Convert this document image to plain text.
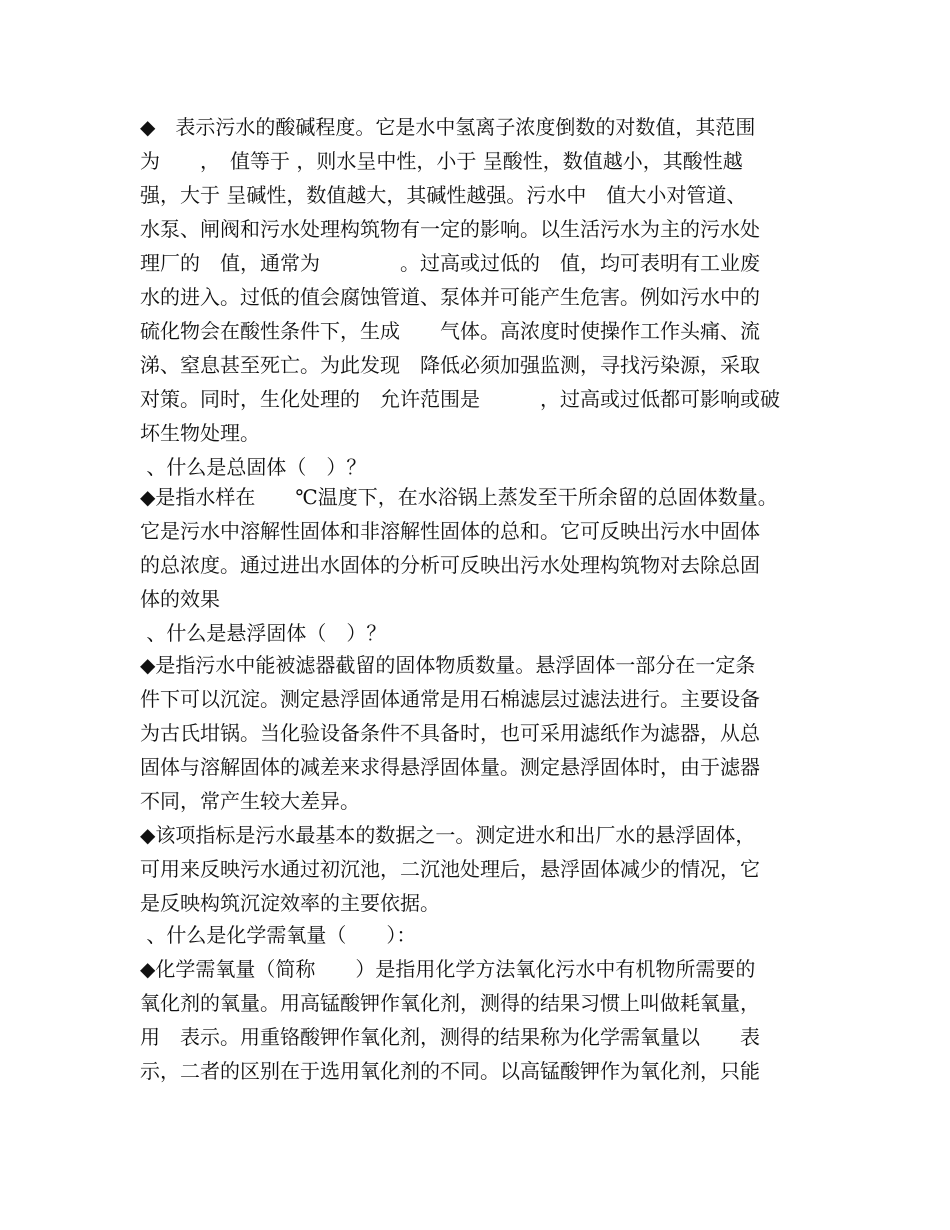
◆　表示污水的酸碱程度。它是水中氢离子浓度倒数的对数值，其范围
为　　，　值等于 ，则水呈中性，小于 呈酸性，数值越小，其酸性越
强，大于 呈碱性，数值越大，其碱性越强。污水中　值大小对管道、
水泵、闸阀和污水处理构筑物有一定的影响。以生活污水为主的污水处
理厂的　值，通常为　　　　。过高或过低的　值，均可表明有工业废
水的进入。过低的值会腐蚀管道、泵体并可能产生危害。例如污水中的
硫化物会在酸性条件下，生成　　气体。高浓度时使操作工作头痛、流
涕、窒息甚至死亡。为此发现　降低必须加强监测，寻找污染源，采取
对策。同时，生化处理的　允许范围是　　　，过高或过低都可影响或破
坏生物处理。
、什么是总固体（　）？
◆是指水样在　　℃温度下，在水浴锅上蒸发至干所余留的总固体数量。
它是污水中溶解性固体和非溶解性固体的总和。它可反映出污水中固体
的总浓度。通过进出水固体的分析可反映出污水处理构筑物对去除总固
体的效果
、什么是悬浮固体（　）？
◆是指污水中能被滤器截留的固体物质数量。悬浮固体一部分在一定条
件下可以沉淀。测定悬浮固体通常是用石棉滤层过滤法进行。主要设备
为古氏坩锅。当化验设备条件不具备时，也可采用滤纸作为滤器，从总
固体与溶解固体的减差来求得悬浮固体量。测定悬浮固体时，由于滤器
不同，常产生较大差异。
◆该项指标是污水最基本的数据之一。测定进水和出厂水的悬浮固体，
可用来反映污水通过初沉池，二沉池处理后，悬浮固体减少的情况，它
是反映构筑沉淀效率的主要依据。
、什么是化学需氧量（　　）：
◆化学需氧量（简称　　）是指用化学方法氧化污水中有机物所需要的
氧化剂的氧量。用高锰酸钾作氧化剂，测得的结果习惯上叫做耗氧量，
用　表示。用重铬酸钾作氧化剂，测得的结果称为化学需氧量以　　表
示，二者的区别在于选用氧化剂的不同。以高锰酸钾作为氧化剂，只能
